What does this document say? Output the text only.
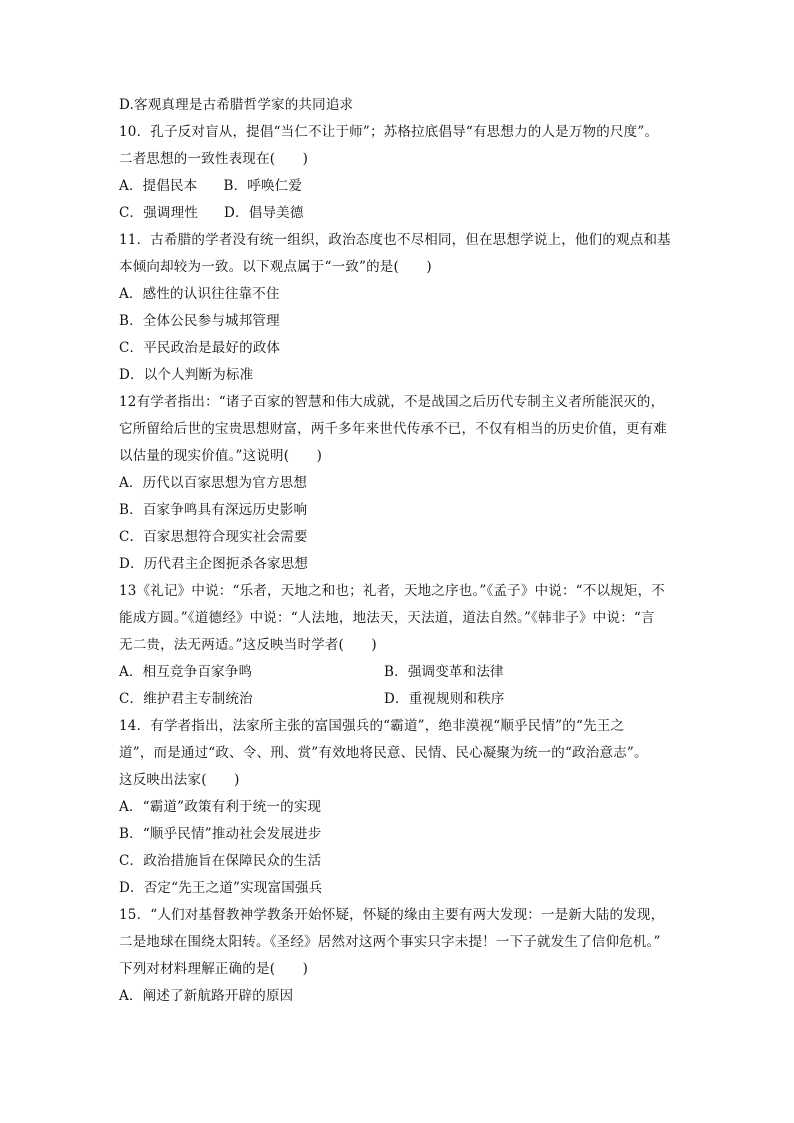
D.客观真理是古希腊哲学家的共同追求
10．孔子反对盲从，提倡“当仁不让于师”；苏格拉底倡导“有思想力的人是万物的尺度”。
二者思想的一致性表现在(　　)
A．提倡民本 B．呼唤仁爱
C．强调理性 D．倡导美德
11．古希腊的学者没有统一组织，政治态度也不尽相同，但在思想学说上，他们的观点和基
本倾向却较为一致。以下观点属于“一致”的是(　　)
A．感性的认识往往靠不住
B．全体公民参与城邦管理
C．平民政治是最好的政体
D．以个人判断为标准
12有学者指出：“诸子百家的智慧和伟大成就，不是战国之后历代专制主义者所能泯灭的，
它所留给后世的宝贵思想财富，两千多年来世代传承不已，不仅有相当的历史价值，更有难
以估量的现实价值。”这说明(　　)
A．历代以百家思想为官方思想
B．百家争鸣具有深远历史影响
C．百家思想符合现实社会需要
D．历代君主企图扼杀各家思想
13《礼记》中说：“乐者，天地之和也；礼者，天地之序也。”《孟子》中说：“不以规矩，不
能成方圆。”《道德经》中说：“人法地，地法天，天法道，道法自然。”《韩非子》中说：“言
无二贵，法无两适。”这反映当时学者(　　)
A．相互竞争百家争鸣	B．强调变革和法律
C．维护君主专制统治	D．重视规则和秩序
14．有学者指出，法家所主张的富国强兵的“霸道”，绝非漠视“顺乎民情”的“先王之
道”，而是通过“政、令、刑、赏”有效地将民意、民情、民心凝聚为统一的“政治意志”。
这反映出法家(　　)
A．“霸道”政策有利于统一的实现
B．“顺乎民情”推动社会发展进步
C．政治措施旨在保障民众的生活
D．否定“先王之道”实现富国强兵
15．“人们对基督教神学教条开始怀疑，怀疑的缘由主要有两大发现：一是新大陆的发现，
二是地球在围绕太阳转。《圣经》居然对这两个事实只字未提！一下子就发生了信仰危机。”
下列对材料理解正确的是(　　)
A．阐述了新航路开辟的原因
